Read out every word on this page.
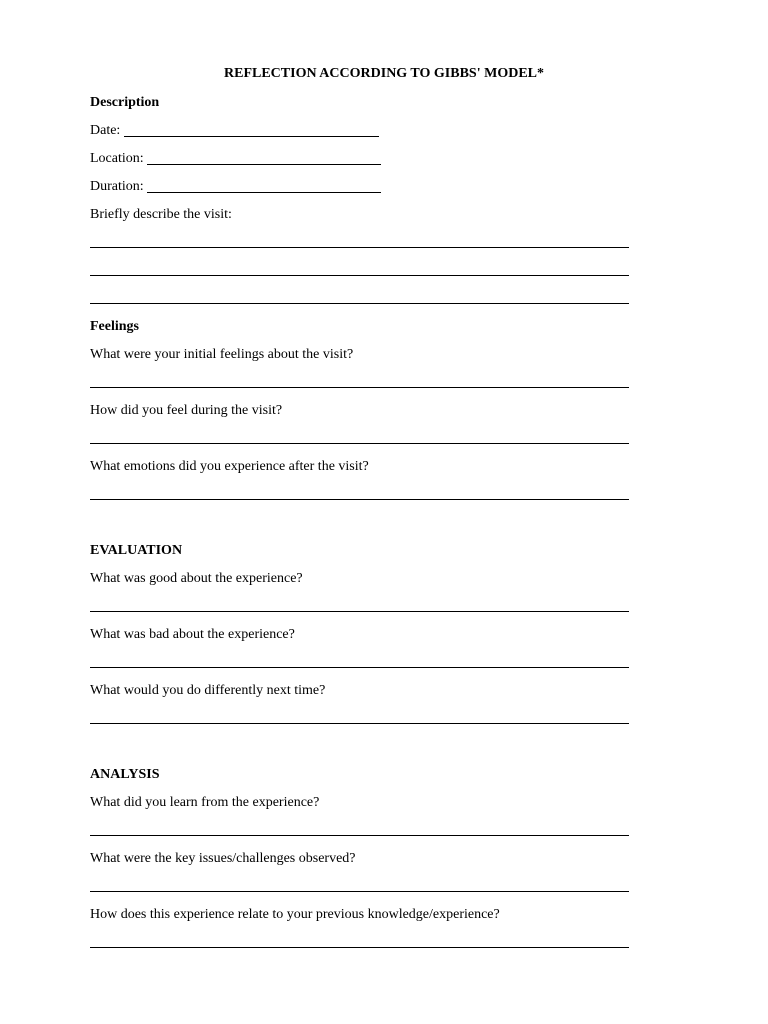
REFLECTION ACCORDING TO GIBBS' MODEL*
Description
Date:
Location:
Duration:
Briefly describe the visit:
Feelings
What were your initial feelings about the visit?
How did you feel during the visit?
What emotions did you experience after the visit?
EVALUATION
What was good about the experience?
What was bad about the experience?
What would you do differently next time?
ANALYSIS
What did you learn from the experience?
What were the key issues/challenges observed?
How does this experience relate to your previous knowledge/experience?
